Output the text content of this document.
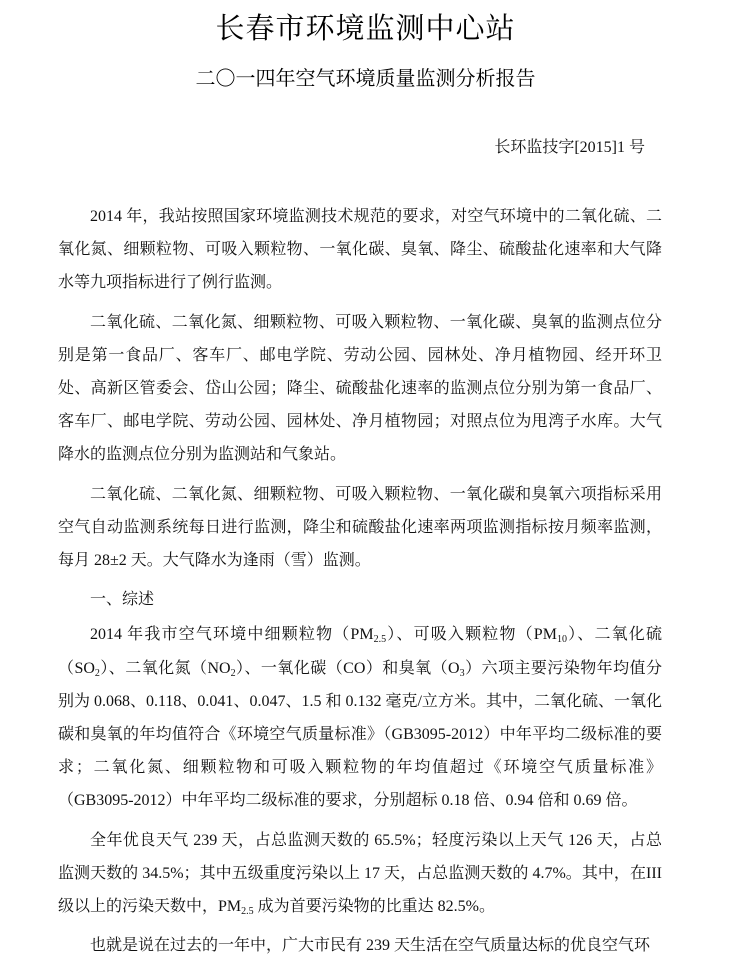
长春市环境监测中心站
二〇一四年空气环境质量监测分析报告
长环监技字[2015]1 号

2014 年，我站按照国家环境监测技术规范的要求，对空气环境中的二氧化硫、二氧化氮、细颗粒物、可吸入颗粒物、一氧化碳、臭氧、降尘、硫酸盐化速率和大气降水等九项指标进行了例行监测。

二氧化硫、二氧化氮、细颗粒物、可吸入颗粒物、一氧化碳、臭氧的监测点位分别是第一食品厂、客车厂、邮电学院、劳动公园、园林处、净月植物园、经开环卫处、高新区管委会、岱山公园；降尘、硫酸盐化速率的监测点位分别为第一食品厂、客车厂、邮电学院、劳动公园、园林处、净月植物园；对照点位为甩湾子水库。大气降水的监测点位分别为监测站和气象站。

二氧化硫、二氧化氮、细颗粒物、可吸入颗粒物、一氧化碳和臭氧六项指标采用空气自动监测系统每日进行监测，降尘和硫酸盐化速率两项监测指标按月频率监测，每月 28±2 天。大气降水为逢雨（雪）监测。

一、综述

2014 年我市空气环境中细颗粒物$(PM_{2.5})$、可吸入颗粒物$(PM_{10})$、二氧化硫$(SO_2)$、二氧化氮$(NO_2)$、一氧化碳（CO）和臭氧$(O_3)$六项主要污染物年均值分别为 0.068、0.118、0.041、0.047、1.5 和 0.132 毫克/立方米。其中，二氧化硫、一氧化碳和臭氧的年均值符合《环境空气质量标准》（GB3095-2012）中年平均二级标准的要求；二氧化氮、细颗粒物和可吸入颗粒物的年均值超过《环境空气质量标准》（GB3095-2012）中年平均二级标准的要求，分别超标 0.18 倍、0.94 倍和 0.69 倍。

全年优良天气 239 天，占总监测天数的 65.5%；轻度污染以上天气 126 天，占总监测天数的 34.5%；其中五级重度污染以上 17 天，占总监测天数的 4.7%。其中，在III级以上的污染天数中，$PM_{2.5}$ 成为首要污染物的比重达 82.5%。

也就是说在过去的一年中，广大市民有 239 天生活在空气质量达标的优良空气环
